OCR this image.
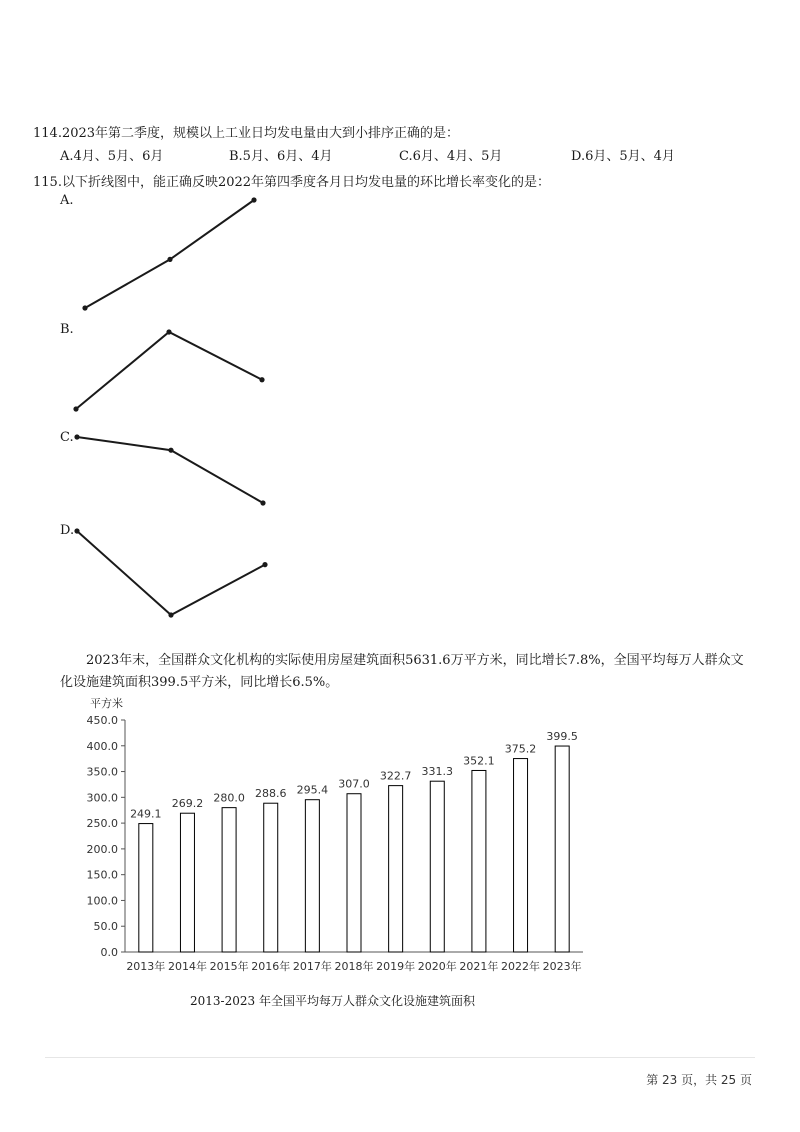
114.2023年第二季度，规模以上工业日均发电量由大到小排序正确的是：
A.4月、5月、6月	B.5月、6月、4月	C.6月、4月、5月	D.6月、5月、4月
115.以下折线图中，能正确反映2022年第四季度各月日均发电量的环比增长率变化的是：
A.
B.
C.
D.
2023年末，全国群众文化机构的实际使用房屋建筑面积5631.6万平方米，同比增长7.8%，全国平均每万人群众文化设施建筑面积399.5平方米，同比增长6.5%。
平方米
0.0
50.0
100.0
150.0
200.0
250.0
300.0
350.0
400.0
450.0
249.1
2013年
269.2
2014年
280.0
2015年
288.6
2016年
295.4
2017年
307.0
2018年
322.7
2019年
331.3
2020年
352.1
2021年
375.2
2022年
399.5
2023年
2013-2023 年全国平均每万人群众文化设施建筑面积
第 23 页，共 25 页
